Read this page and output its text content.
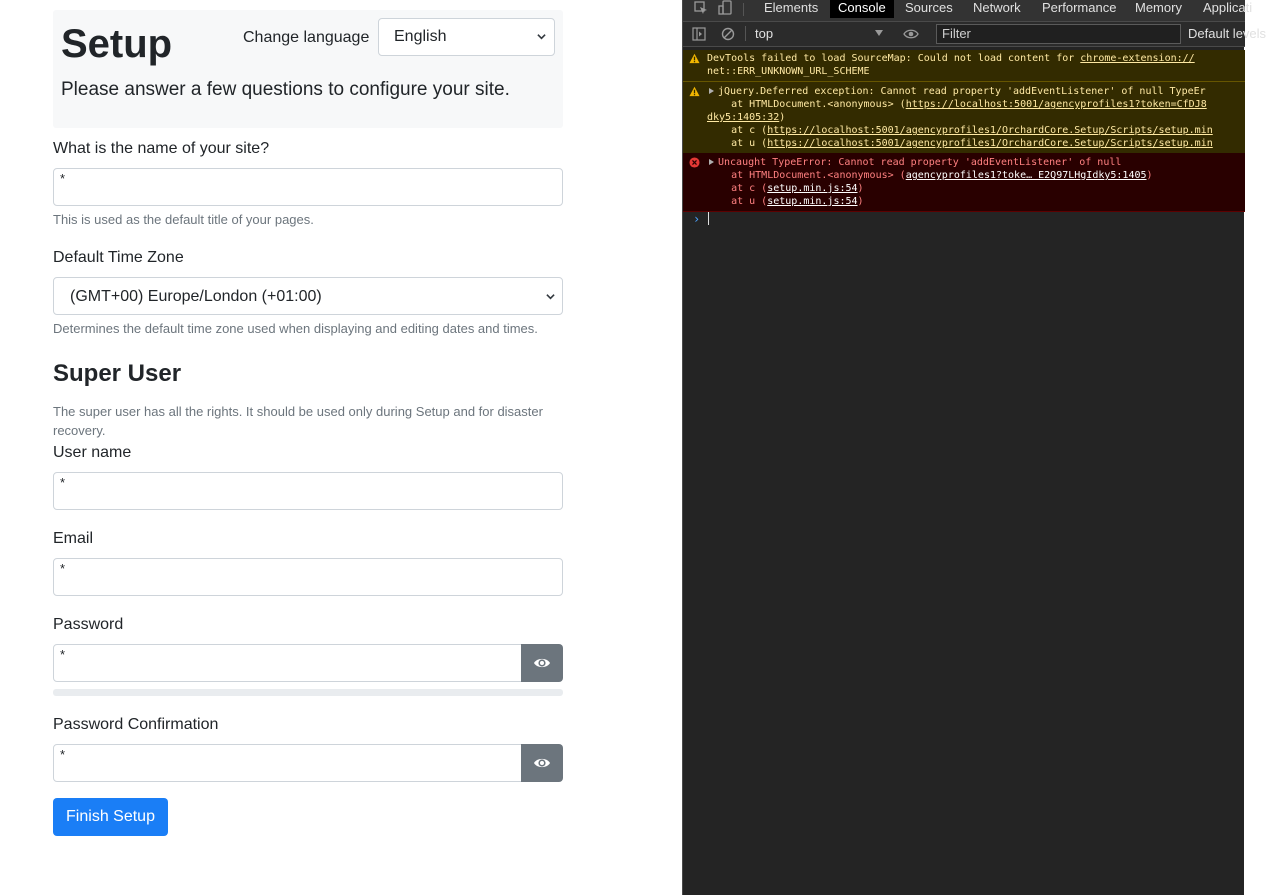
Setup	Change language	English

Please answer a few questions to configure your site.

What is the name of your site?
*
This is used as the default title of your pages.
Default Time Zone
(GMT+00) Europe/London (+01:00)
Determines the default time zone used when displaying and editing dates and times.
Super User

The super user has all the rights. It should be used only during Setup and for disaster recovery.

User name
*
Email
*
Password
*
Password Confirmation
*
Finish Setup
Elements	Console	Sources Network Performance Memory Applicati
top	Filter	Default levels
DevTools failed to load SourceMap: Could not load content for chrome-extension://
net::ERR_UNKNOWN_URL_SCHEME
jQuery.Deferred exception: Cannot read property 'addEventListener' of null TypeEr
at HTMLDocument.<anonymous> (https://localhost:5001/agencyprofiles1?token=CfDJ8
dky5:1405:32)
at c (https://localhost:5001/agencyprofiles1/OrchardCore.Setup/Scripts/setup.min
at u (https://localhost:5001/agencyprofiles1/OrchardCore.Setup/Scripts/setup.min
Uncaught TypeError: Cannot read property 'addEventListener' of null
at HTMLDocument.<anonymous> (agencyprofiles1?toke… E2Q97LHgIdky5:1405)
at c (setup.min.js:54)
at u (setup.min.js:54)
›
